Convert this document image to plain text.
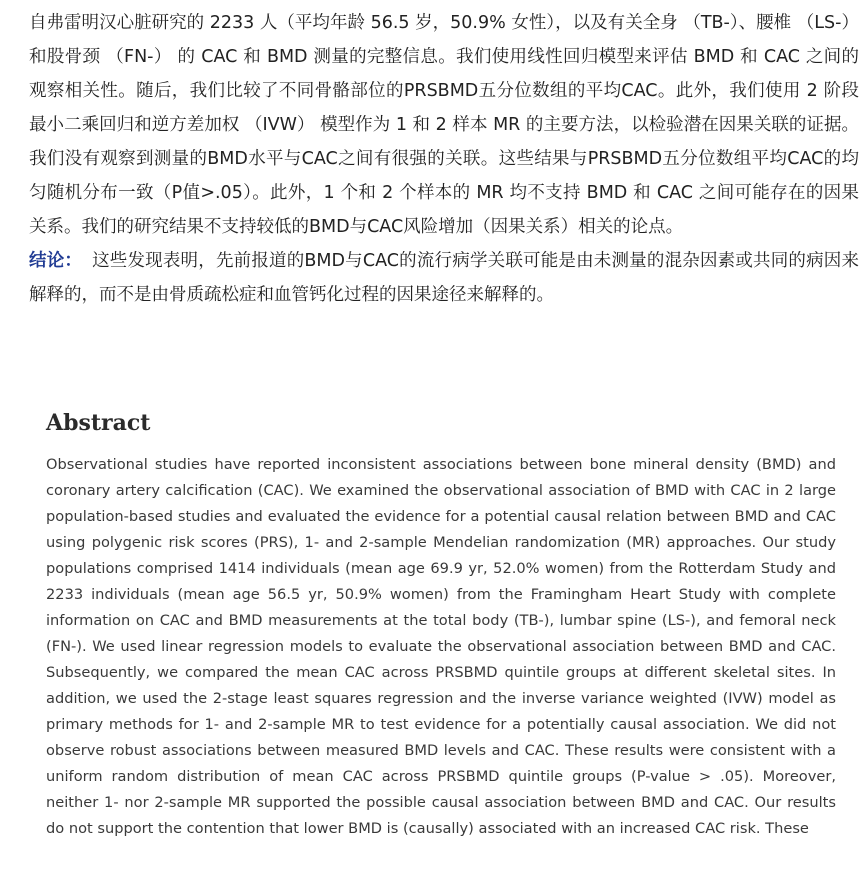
自弗雷明汉心脏研究的 2233 人（平均年龄 56.5 岁，50.9% 女性），以及有关全身 （TB-）、腰椎 （LS-） 和股骨颈 （FN-） 的 CAC 和 BMD 测量的完整信息。我们使用线性回归模型来评估 BMD 和 CAC 之间的观察相关性。随后，我们比较了不同骨骼部位的PRSBMD五分位数组的平均CAC。此外，我们使用 2 阶段最小二乘回归和逆方差加权 （IVW） 模型作为 1 和 2 样本 MR 的主要方法，以检验潜在因果关联的证据。我们没有观察到测量的BMD水平与CAC之间有很强的关联。这些结果与PRSBMD五分位数组平均CAC的均匀随机分布一致（P值>.05）。此外，1 个和 2 个样本的 MR 均不支持 BMD 和 CAC 之间可能存在的因果关系。我们的研究结果不支持较低的BMD与CAC风险增加（因果关系）相关的论点。

结论： 这些发现表明，先前报道的BMD与CAC的流行病学关联可能是由未测量的混杂因素或共同的病因来解释的，而不是由骨质疏松症和血管钙化过程的因果途径来解释的。

Abstract

Observational studies have reported inconsistent associations between bone mineral density (BMD) and coronary artery calcification (CAC). We examined the observational association of BMD with CAC in 2 large population-based studies and evaluated the evidence for a potential causal relation between BMD and CAC using polygenic risk scores (PRS), 1- and 2-sample Mendelian randomization (MR) approaches. Our study populations comprised 1414 individuals (mean age 69.9 yr, 52.0% women) from the Rotterdam Study and 2233 individuals (mean age 56.5 yr, 50.9% women) from the Framingham Heart Study with complete information on CAC and BMD measurements at the total body (TB-), lumbar spine (LS-), and femoral neck (FN-). We used linear regression models to evaluate the observational association between BMD and CAC. Subsequently, we compared the mean CAC across PRSBMD quintile groups at different skeletal sites. In addition, we used the 2-stage least squares regression and the inverse variance weighted (IVW) model as primary methods for 1- and 2-sample MR to test evidence for a potentially causal association. We did not observe robust associations between measured BMD levels and CAC. These results were consistent with a uniform random distribution of mean CAC across PRSBMD quintile groups (P-value > .05). Moreover, neither 1- nor 2-sample MR supported the possible causal association between BMD and CAC. Our results do not support the contention that lower BMD is (causally) associated with an increased CAC risk. These
